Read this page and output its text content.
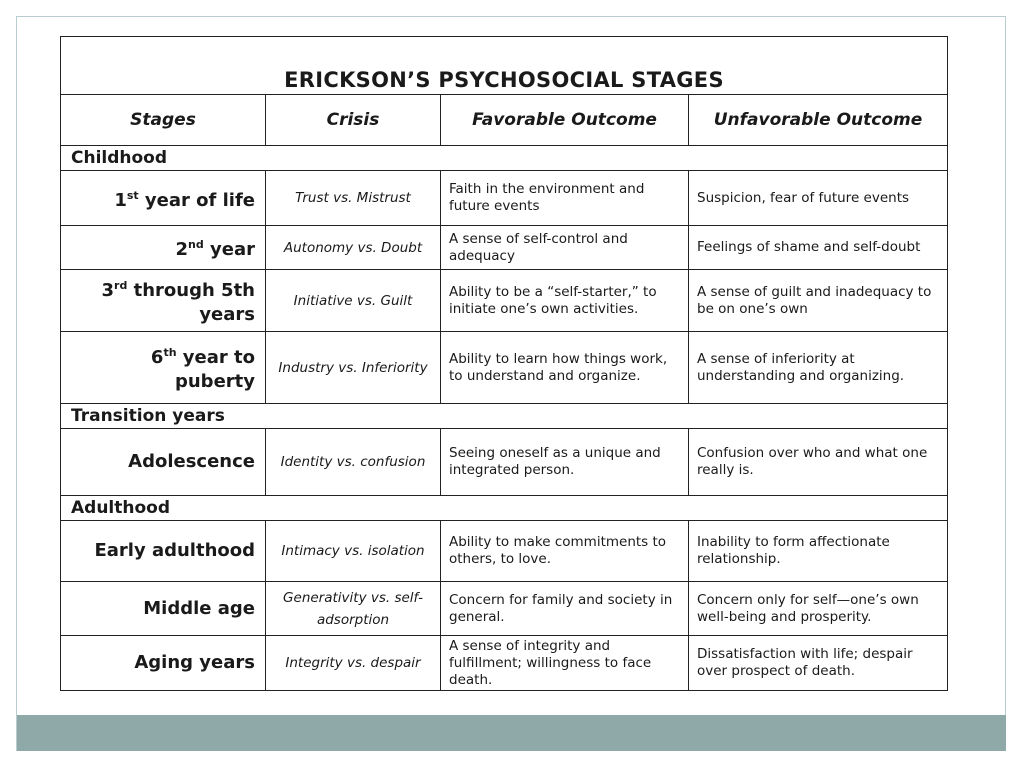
ERICKSON’S PSYCHOSOCIAL STAGES			
Stages	Crisis	Favorable Outcome	Unfavorable Outcome
Childhood			
1st year of life	Trust vs. Mistrust	Faith in the environment and future events	Suspicion, fear of future events
2nd year	Autonomy vs. Doubt	A sense of self-control and adequacy	Feelings of shame and self-doubt
3rd through 5th years	Initiative vs. Guilt	Ability to be a “self-starter,” to initiate one’s own activities.	A sense of guilt and inadequacy to be on one’s own
6th year to puberty	Industry vs. Inferiority	Ability to learn how things work, to understand and organize.	A sense of inferiority at understanding and organizing.
Transition years			
Adolescence	Identity vs. confusion	Seeing oneself as a unique and integrated person.	Confusion over who and what one really is.
Adulthood			
Early adulthood	Intimacy vs. isolation	Ability to make commitments to others, to love.	Inability to form affectionate relationship.
Middle age	Generativity vs. self-adsorption	Concern for family and society in general.	Concern only for self—one’s own well-being and prosperity.
Aging years	Integrity vs. despair	A sense of integrity and fulfillment; willingness to face death.	Dissatisfaction with life; despair over prospect of death.
